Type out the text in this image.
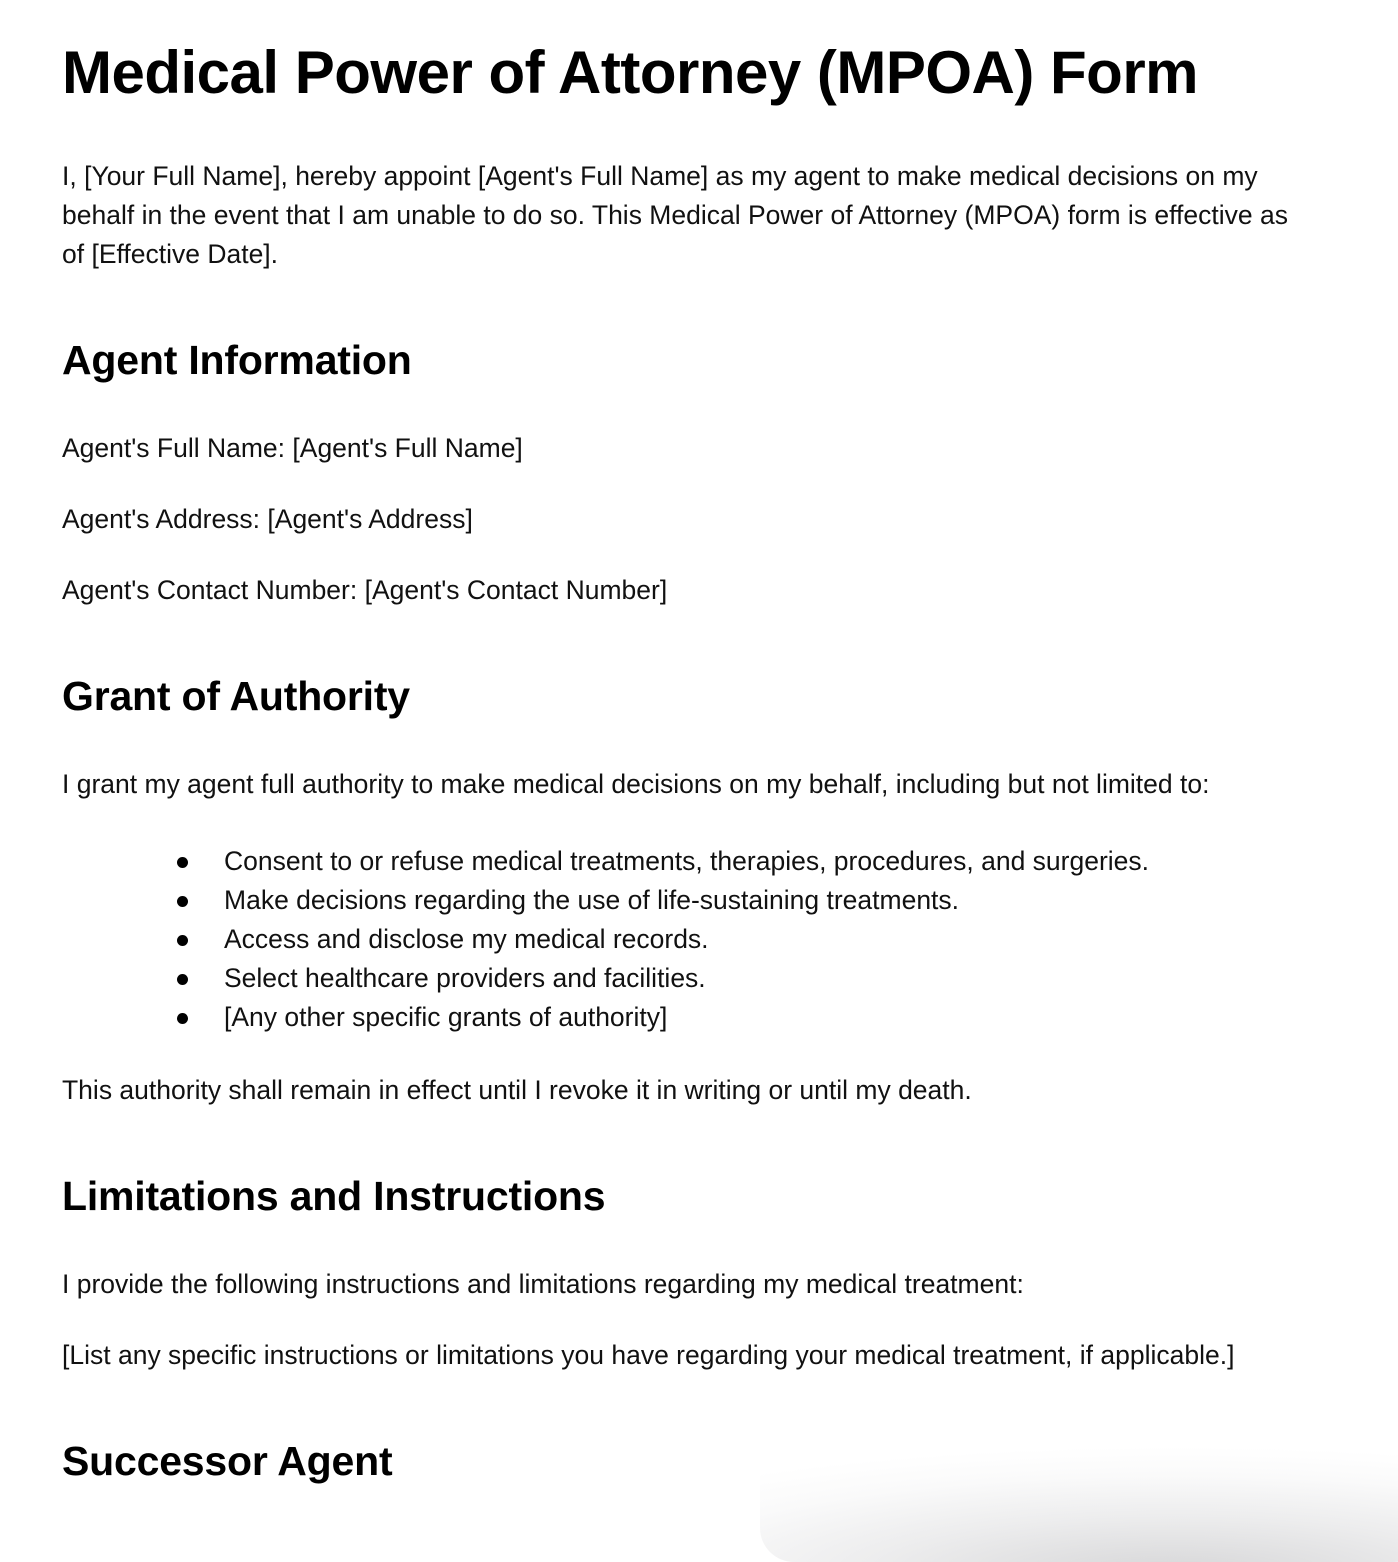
Medical Power of Attorney (MPOA) Form

I, [Your Full Name], hereby appoint [Agent's Full Name] as my agent to make medical decisions on my behalf in the event that I am unable to do so. This Medical Power of Attorney (MPOA) form is effective as of [Effective Date].

Agent Information

Agent's Full Name: [Agent's Full Name]

Agent's Address: [Agent's Address]

Agent's Contact Number: [Agent's Contact Number]

Grant of Authority

I grant my agent full authority to make medical decisions on my behalf, including but not limited to:

Consent to or refuse medical treatments, therapies, procedures, and surgeries.
Make decisions regarding the use of life-sustaining treatments.
Access and disclose my medical records.
Select healthcare providers and facilities.
[Any other specific grants of authority]

This authority shall remain in effect until I revoke it in writing or until my death.

Limitations and Instructions

I provide the following instructions and limitations regarding my medical treatment:

[List any specific instructions or limitations you have regarding your medical treatment, if applicable.]

Successor Agent
